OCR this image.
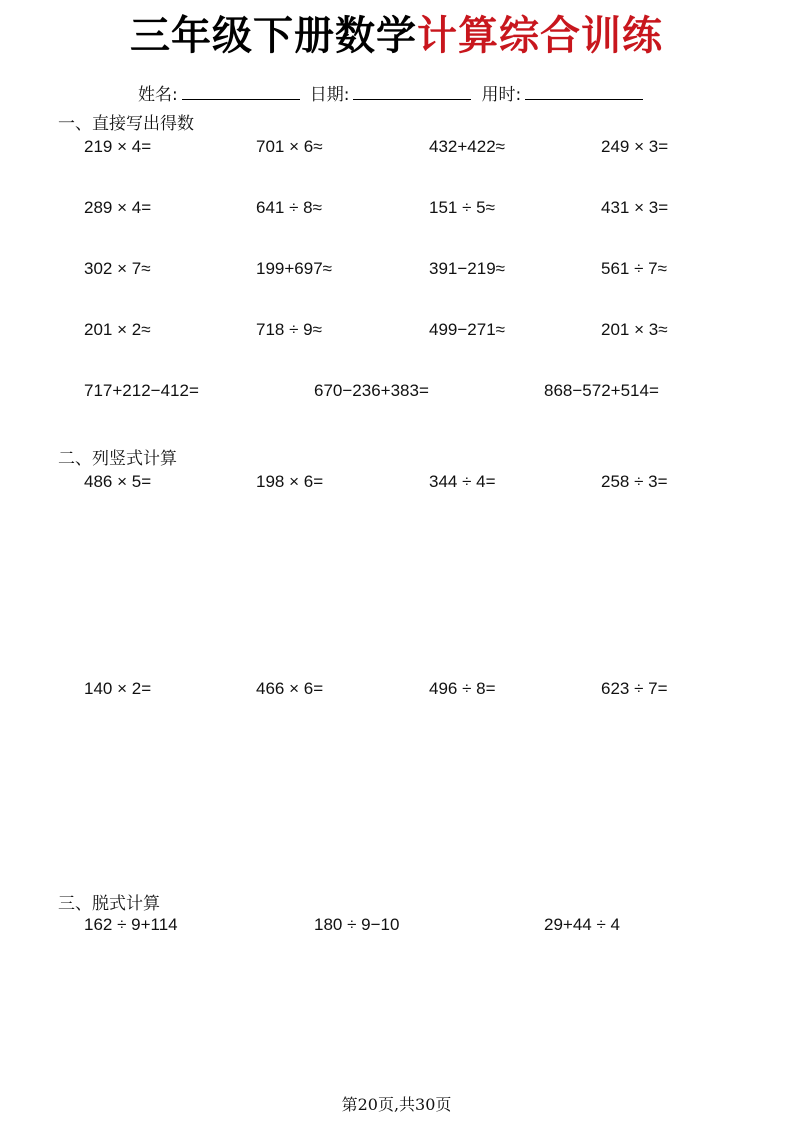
三年级下册数学计算综合训练
姓名:	日期:	用时:
一、直接写出得数
219 × 4=	701 × 6≈	432+422≈	249 × 3=
289 × 4=	641 ÷ 8≈	151 ÷ 5≈	431 × 3=
302 × 7≈	199+697≈	391−219≈	561 ÷ 7≈
201 × 2≈	718 ÷ 9≈	499−271≈	201 × 3≈
717+212−412=	670−236+383=	868−572+514=
二、列竖式计算
486 × 5=	198 × 6=	344 ÷ 4=	258 ÷ 3=
140 × 2=	466 × 6=	496 ÷ 8=	623 ÷ 7=
三、脱式计算
162 ÷ 9+114	180 ÷ 9−10	29+44 ÷ 4
第20页,共30页
